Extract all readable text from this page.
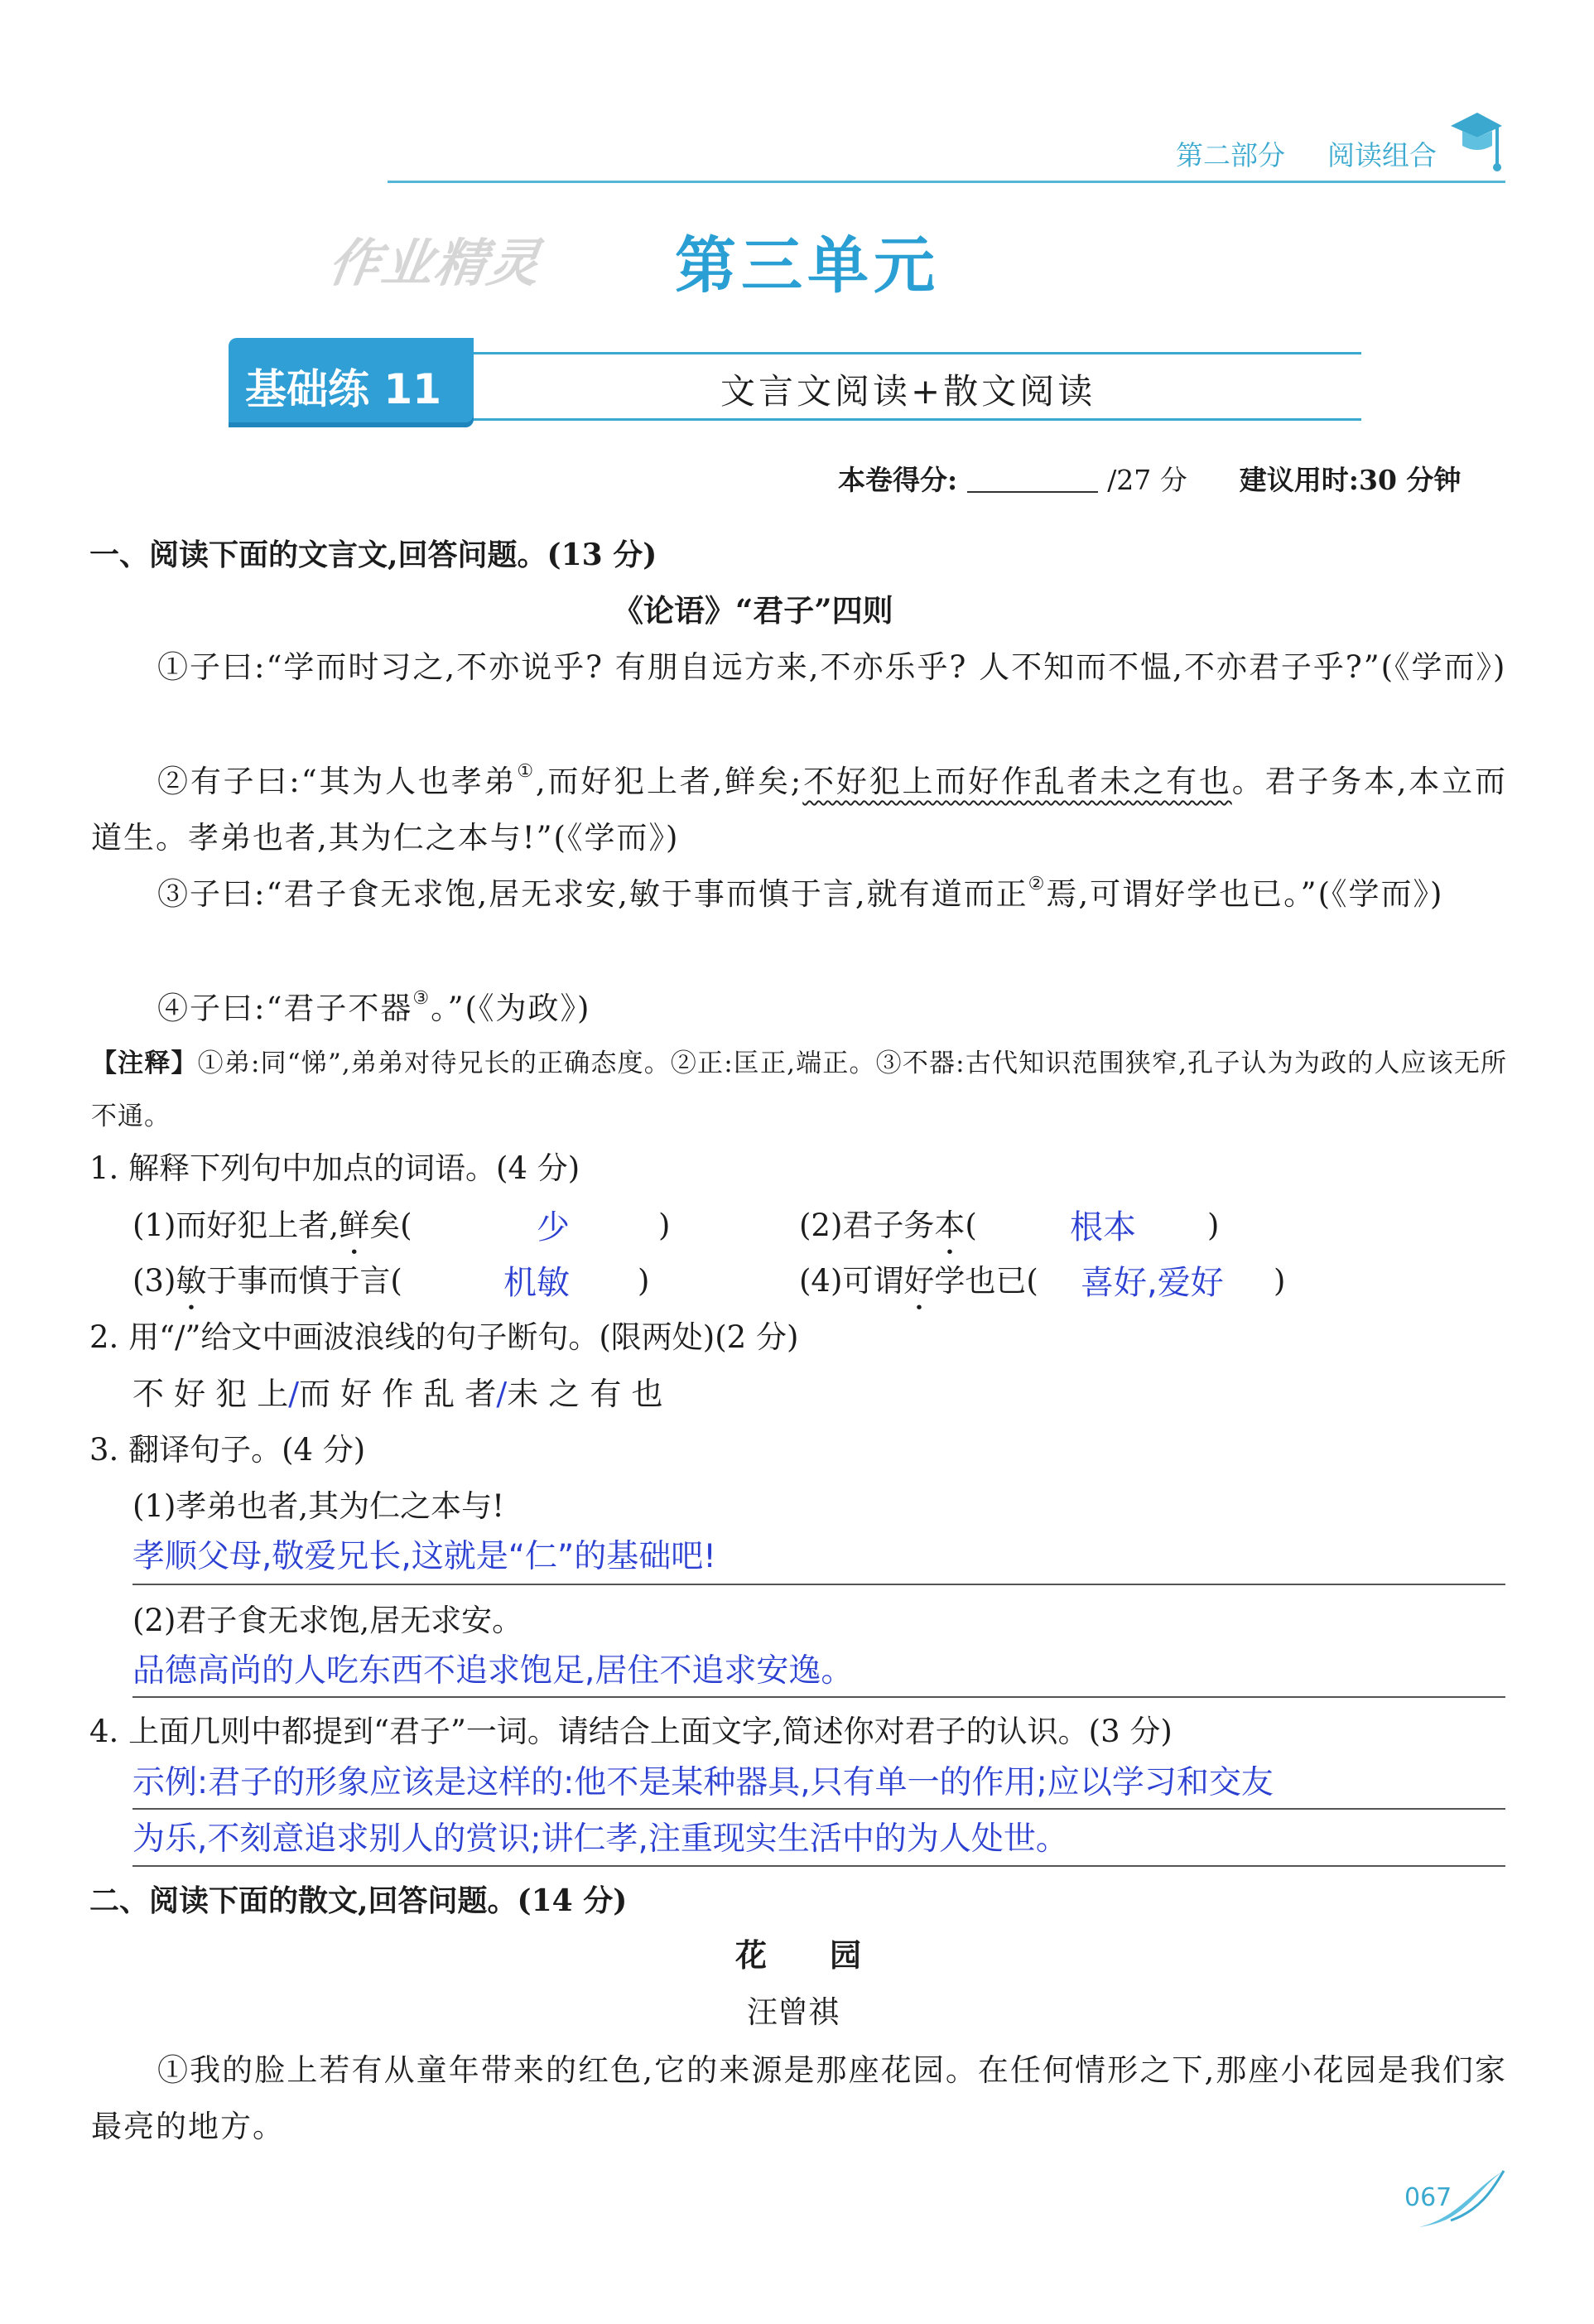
第二部分 阅读组合
作业精灵 第三单元
基础练 11	文言文阅读+散文阅读
本卷得分:	/27 分 建议用时:30 分钟
一、阅读下面的文言文,回答问题。(13 分)
《论语》“君子”四则
①子曰:“学而时习之,不亦说乎? 有朋自远方来,不亦乐乎? 人不知而不愠,不亦君子乎?”(《学而》)
②有子曰:“其为人也孝弟①,而好犯上者,鲜矣;不好犯上而好作乱者未之有也。君子务本,本立而道生。孝弟也者,其为仁之本与!”(《学而》)
③子曰:“君子食无求饱,居无求安,敏于事而慎于言,就有道而正②焉,可谓好学也已。”(《学而》)
④子曰:“君子不器③。”(《为政》)
【注释】①弟:同“悌”,弟弟对待兄长的正确态度。②正:匡正,端正。③不器:古代知识范围狭窄,孔子认为为政的人应该无所不通。
1. 解释下列句中加点的词语。(4 分)
(1)而好犯上者,鲜矣(	少	)	(2)君子务本(	根本 )
(3)敏于事而慎于言(	机敏 )	(4)可谓好学也已( 喜好,爱好 )
2. 用“/”给文中画波浪线的句子断句。(限两处)(2 分)
不 好 犯 上/而 好 作 乱 者/未 之 有 也
3. 翻译句子。(4 分)
(1)孝弟也者,其为仁之本与!
孝顺父母,敬爱兄长,这就是“仁”的基础吧!
(2)君子食无求饱,居无求安。
品德高尚的人吃东西不追求饱足,居住不追求安逸。
4. 上面几则中都提到“君子”一词。请结合上面文字,简述你对君子的认识。(3 分)
示例:君子的形象应该是这样的:他不是某种器具,只有单一的作用;应以学习和交友
为乐,不刻意追求别人的赏识;讲仁孝,注重现实生活中的为人处世。
二、阅读下面的散文,回答问题。(14 分)
花　　园
汪曾祺
①我的脸上若有从童年带来的红色,它的来源是那座花园。在任何情形之下,那座小花园是我们家最亮的地方。
067
